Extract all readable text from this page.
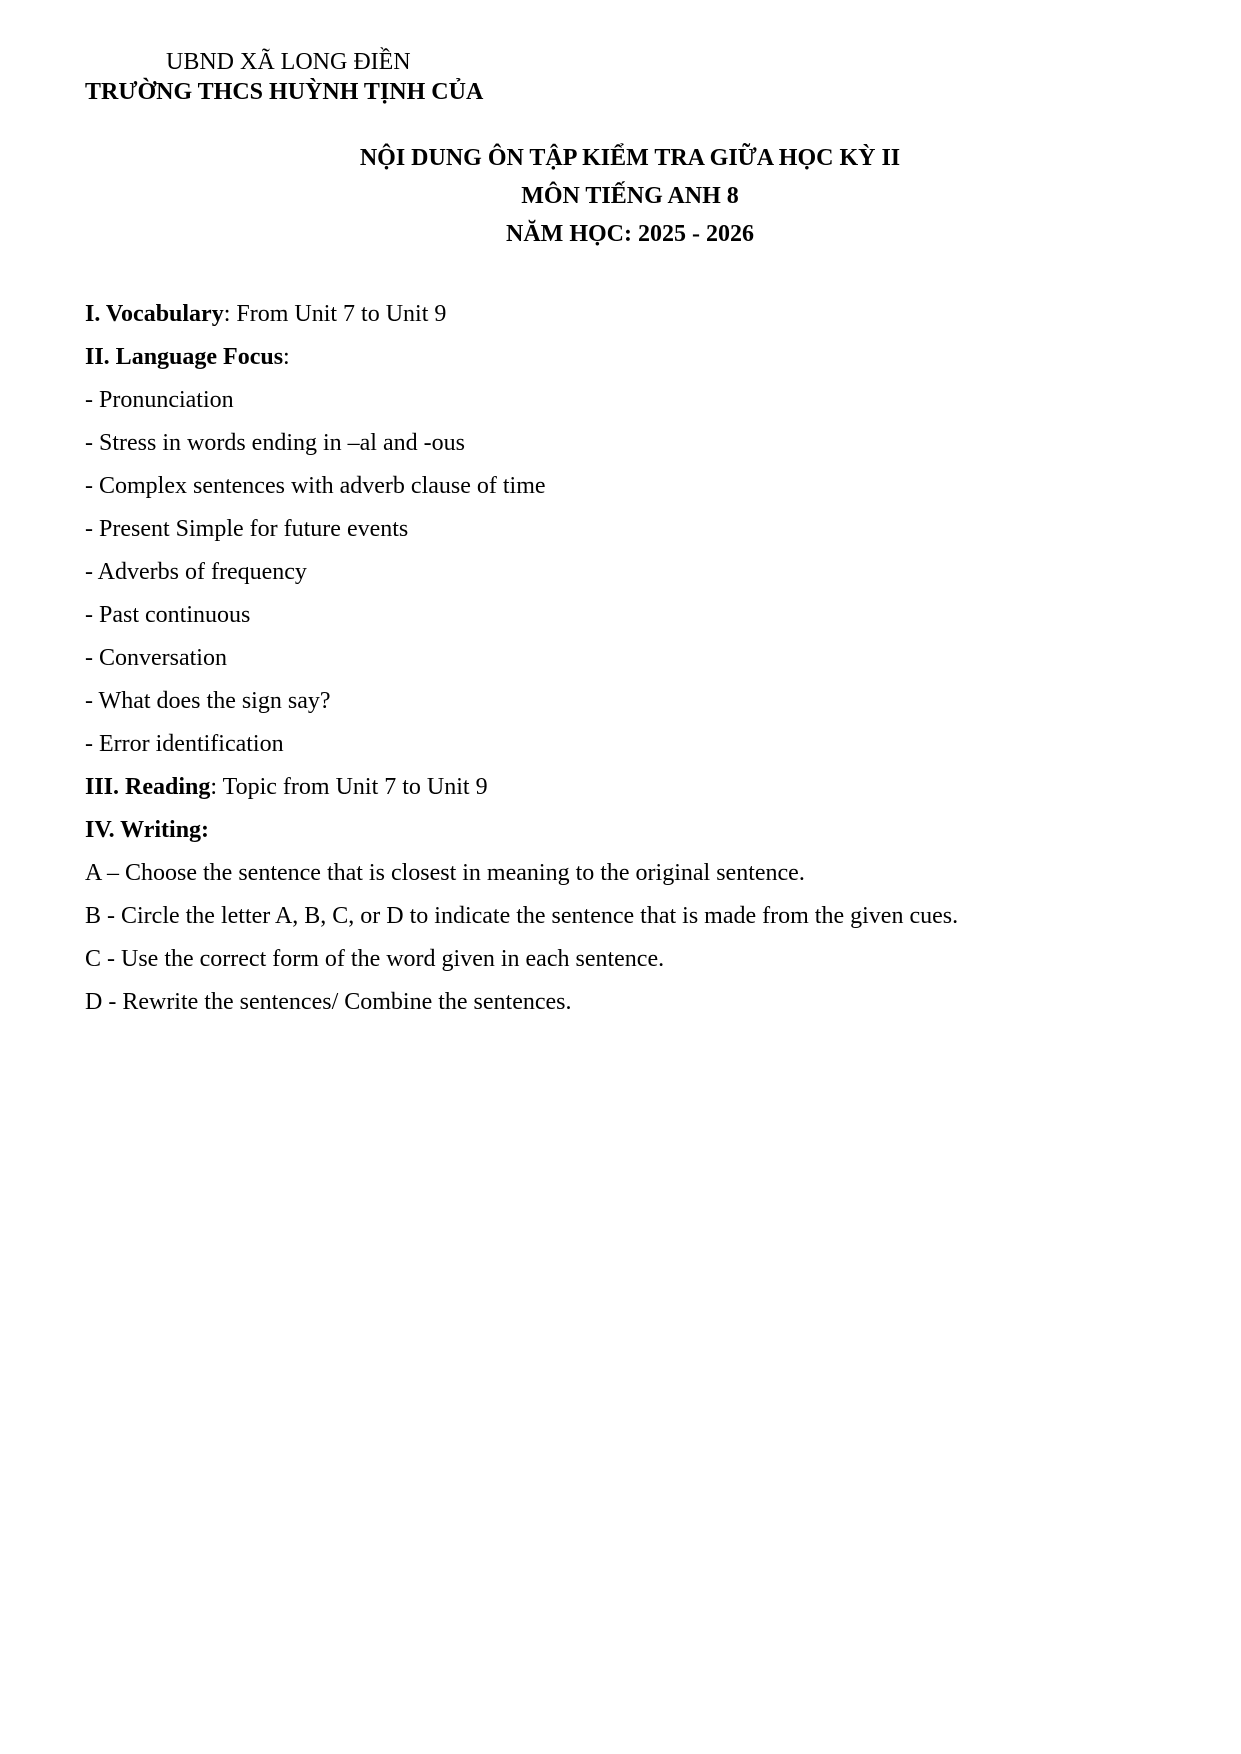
UBND XÃ LONG ĐIỀN
TRƯỜNG THCS HUỲNH TỊNH CỦA
NỘI DUNG ÔN TẬP KIỂM TRA GIỮA HỌC KỲ II
MÔN TIẾNG ANH 8
NĂM HỌC: 2025 - 2026
I. Vocabulary: From Unit 7 to Unit 9
II. Language Focus:
- Pronunciation
- Stress in words ending in –al and -ous
- Complex sentences with adverb clause of time
- Present Simple for future events
- Adverbs of frequency
- Past continuous
- Conversation
- What does the sign say?
- Error identification
III. Reading: Topic from Unit 7 to Unit 9
IV. Writing:
A – Choose the sentence that is closest in meaning to the original sentence.
B - Circle the letter A, B, C, or D to indicate the sentence that is made from the given cues.
C - Use the correct form of the word given in each sentence.
D - Rewrite the sentences/ Combine the sentences.
